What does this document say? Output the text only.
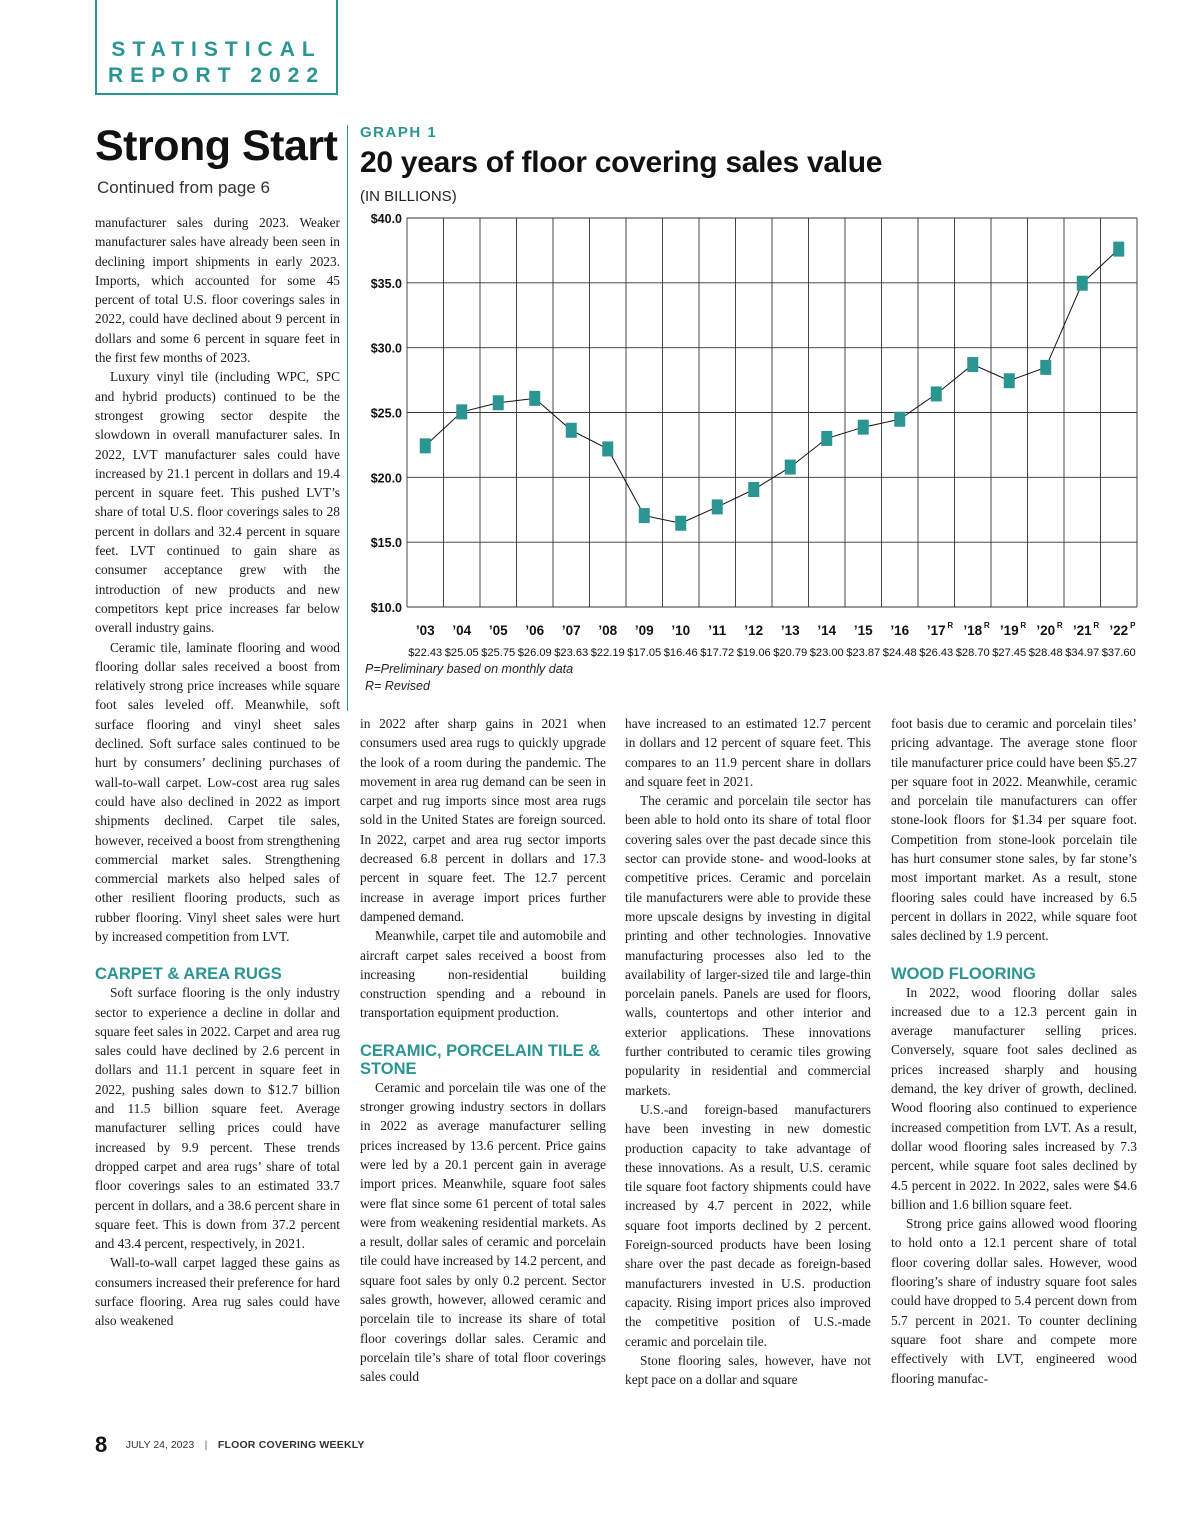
STATISTICAL
REPORT 2022
Strong Start
Continued from page 6
GRAPH 1
20 years of floor covering sales value
(IN BILLIONS)
$10.0
$15.0
$20.0
$25.0
$30.0
$35.0
$40.0
’03 ’04 ’05 ’06 ’07 ’08 ’09 ’10 ’11 ’12 ’13 ’14 ’15 ’16 ’17 R ’18 R ’19 R ’20 R ’21 R ’22 P
$22.43 $25.05 $25.75 $26.09 $23.63 $22.19 $17.05 $16.46 $17.72 $19.06 $20.79 $23.00 $23.87 $24.48 $26.43 $28.70 $27.45 $28.48 $34.97 $37.60
P=Preliminary based on monthly data
R= Revised

manufacturer sales during 2023. Weaker manufacturer sales have already been seen in declining import shipments in early 2023. Imports, which accounted for some 45 percent of total U.S. floor coverings sales in 2022, could have declined about 9 percent in dollars and some 6 percent in square feet in the first few months of 2023.

Luxury vinyl tile (including WPC, SPC and hybrid products) continued to be the strongest growing sector despite the slowdown in overall manufacturer sales. In 2022, LVT manufacturer sales could have increased by 21.1 percent in dollars and 19.4 percent in square feet. This pushed LVT’s share of total U.S. floor coverings sales to 28 percent in dollars and 32.4 percent in square feet. LVT continued to gain share as consumer acceptance grew with the introduction of new products and new competitors kept price increases far below overall industry gains.

Ceramic tile, laminate flooring and wood flooring dollar sales received a boost from relatively strong price increases while square foot sales leveled off. Meanwhile, soft surface flooring and vinyl sheet sales declined. Soft surface sales continued to be hurt by consumers’ declining purchases of wall-to-wall carpet. Low-cost area rug sales could have also declined in 2022 as import shipments declined. Carpet tile sales, however, received a boost from strengthening commercial market sales. Strengthening commercial markets also helped sales of other resilient flooring products, such as rubber flooring. Vinyl sheet sales were hurt by increased competition from LVT.

CARPET & AREA RUGS

Soft surface flooring is the only industry sector to experience a decline in dollar and square feet sales in 2022. Carpet and area rug sales could have declined by 2.6 percent in dollars and 11.1 percent in square feet in 2022, pushing sales down to $12.7 billion and 11.5 billion square feet. Average manufacturer selling prices could have increased by 9.9 percent. These trends dropped carpet and area rugs’ share of total floor coverings sales to an estimated 33.7 percent in dollars, and a 38.6 percent share in square feet. This is down from 37.2 percent and 43.4 percent, respectively, in 2021.

Wall-to-wall carpet lagged these gains as consumers increased their preference for hard surface flooring. Area rug sales could have also weakened

in 2022 after sharp gains in 2021 when consumers used area rugs to quickly upgrade the look of a room during the pandemic. The movement in area rug demand can be seen in carpet and rug imports since most area rugs sold in the United States are foreign sourced. In 2022, carpet and area rug sector imports decreased 6.8 percent in dollars and 17.3 percent in square feet. The 12.7 percent increase in average import prices further dampened demand.

Meanwhile, carpet tile and automobile and aircraft carpet sales received a boost from increasing non-residential building construction spending and a rebound in transportation equipment production.

CERAMIC, PORCELAIN TILE & STONE

Ceramic and porcelain tile was one of the stronger growing industry sectors in dollars in 2022 as average manufacturer selling prices increased by 13.6 percent. Price gains were led by a 20.1 percent gain in average import prices. Meanwhile, square foot sales were flat since some 61 percent of total sales were from weakening residential markets. As a result, dollar sales of ceramic and porcelain tile could have increased by 14.2 percent, and square foot sales by only 0.2 percent. Sector sales growth, however, allowed ceramic and porcelain tile to increase its share of total floor coverings dollar sales. Ceramic and porcelain tile’s share of total floor coverings sales could

have increased to an estimated 12.7 percent in dollars and 12 percent of square feet. This compares to an 11.9 percent share in dollars and square feet in 2021.

The ceramic and porcelain tile sector has been able to hold onto its share of total floor covering sales over the past decade since this sector can provide stone- and wood-looks at competitive prices. Ceramic and porcelain tile manufacturers were able to provide these more upscale designs by investing in digital printing and other technologies. Innovative manufacturing processes also led to the availability of larger-sized tile and large-thin porcelain panels. Panels are used for floors, walls, countertops and other interior and exterior applications. These innovations further contributed to ceramic tiles growing popularity in residential and commercial markets.

U.S.-and foreign-based manufacturers have been investing in new domestic production capacity to take advantage of these innovations. As a result, U.S. ceramic tile square foot factory shipments could have increased by 4.7 percent in 2022, while square foot imports declined by 2 percent. Foreign-sourced products have been losing share over the past decade as foreign-based manufacturers invested in U.S. production capacity. Rising import prices also improved the competitive position of U.S.-made ceramic and porcelain tile.

Stone flooring sales, however, have not kept pace on a dollar and square

foot basis due to ceramic and porcelain tiles’ pricing advantage. The average stone floor tile manufacturer price could have been $5.27 per square foot in 2022. Meanwhile, ceramic and porcelain tile manufacturers can offer stone-look floors for $1.34 per square foot. Competition from stone-look porcelain tile has hurt consumer stone sales, by far stone’s most important market. As a result, stone flooring sales could have increased by 6.5 percent in dollars in 2022, while square foot sales declined by 1.9 percent.

WOOD FLOORING

In 2022, wood flooring dollar sales increased due to a 12.3 percent gain in average manufacturer selling prices. Conversely, square foot sales declined as prices increased sharply and housing demand, the key driver of growth, declined. Wood flooring also continued to experience increased competition from LVT. As a result, dollar wood flooring sales increased by 7.3 percent, while square foot sales declined by 4.5 percent in 2022. In 2022, sales were $4.6 billion and 1.6 billion square feet.

Strong price gains allowed wood flooring to hold onto a 12.1 percent share of total floor covering dollar sales. However, wood flooring’s share of industry square foot sales could have dropped to 5.4 percent down from 5.7 percent in 2021. To counter declining square foot share and compete more effectively with LVT, engineered wood flooring manufac-

8 JULY 24, 2023 | FLOOR COVERING WEEKLY
